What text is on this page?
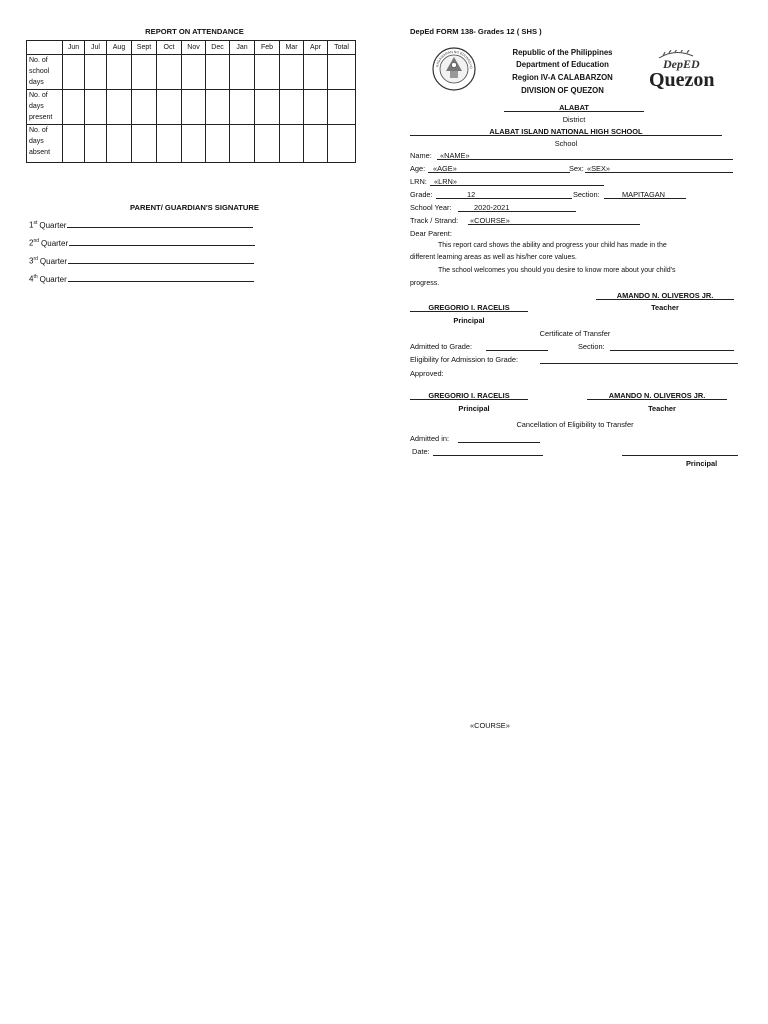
REPORT ON ATTENDANCE
	Jun	Jul	Aug	Sept	Oct	Nov	Dec	Jan	Feb	Mar	Apr	Total

No. of
school
days												

No. of
days
present												

No. of
days
absent												

PARENT/ GUARDIAN'S SIGNATURE
1st Quarter
2nd Quarter
3rd Quarter
4th Quarter
DepEd FORM 138- Grades 12 ( SHS )
KAGAWARAN NG EDUKASYO	DepED
Quezon
Republic of the Philippines
Department of Education
Region IV-A CALABARZON
DIVISION OF QUEZON
ALABAT
District
ALABAT ISLAND NATIONAL HIGH SCHOOL
School
Name: «NAME»
Age: «AGE»	Sex: «SEX»
LRN: «LRN»
Grade:	12	Section:	MAPITAGAN
School Year:	2020-2021
Track / Strand: «COURSE»
Dear Parent:
This report card shows the ability and progress your child has made in the
different learning areas as well as his/her core values.
The school welcomes you should you desire to know more about your child's
progress.
AMANDO N. OLIVEROS JR.
Teacher
GREGORIO I. RACELIS
Principal
Certificate of Transfer
Admitted to Grade:	Section:
Eligibility for Admission to Grade:
Approved:
GREGORIO I. RACELIS
Principal
AMANDO N. OLIVEROS JR.
Teacher
Cancellation of Eligibility to Transfer
Admitted in:
Date:
Principal
«COURSE»
